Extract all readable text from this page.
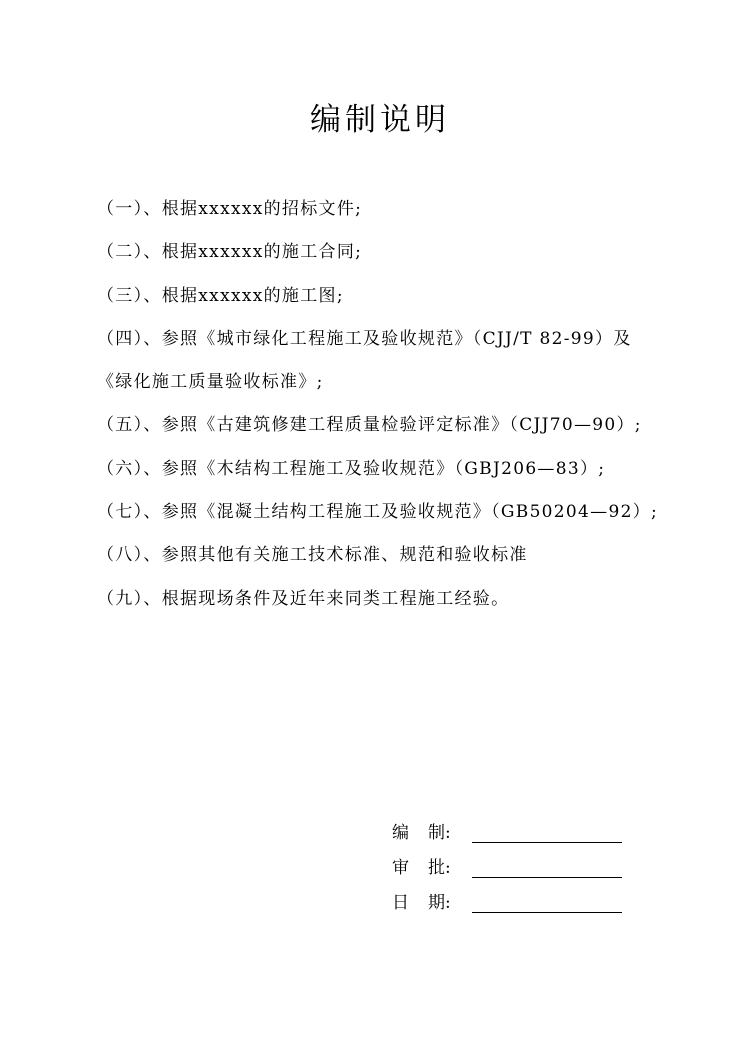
编制说明
（一）、根据xxxxxx的招标文件;
（二）、根据xxxxxx的施工合同;
（三）、根据xxxxxx的施工图;
（四）、参照《城市绿化工程施工及验收规范》（CJJ/T 82-99）及
《绿化施工质量验收标准》;
（五）、参照《古建筑修建工程质量检验评定标准》（CJJ70—90）;
（六）、参照《木结构工程施工及验收规范》（GBJ206—83）;
（七）、参照《混凝土结构工程施工及验收规范》（GB50204—92）;
（八）、参照其他有关施工技术标准、规范和验收标准
（九）、根据现场条件及近年来同类工程施工经验。
编 制:
审 批:
日 期:
